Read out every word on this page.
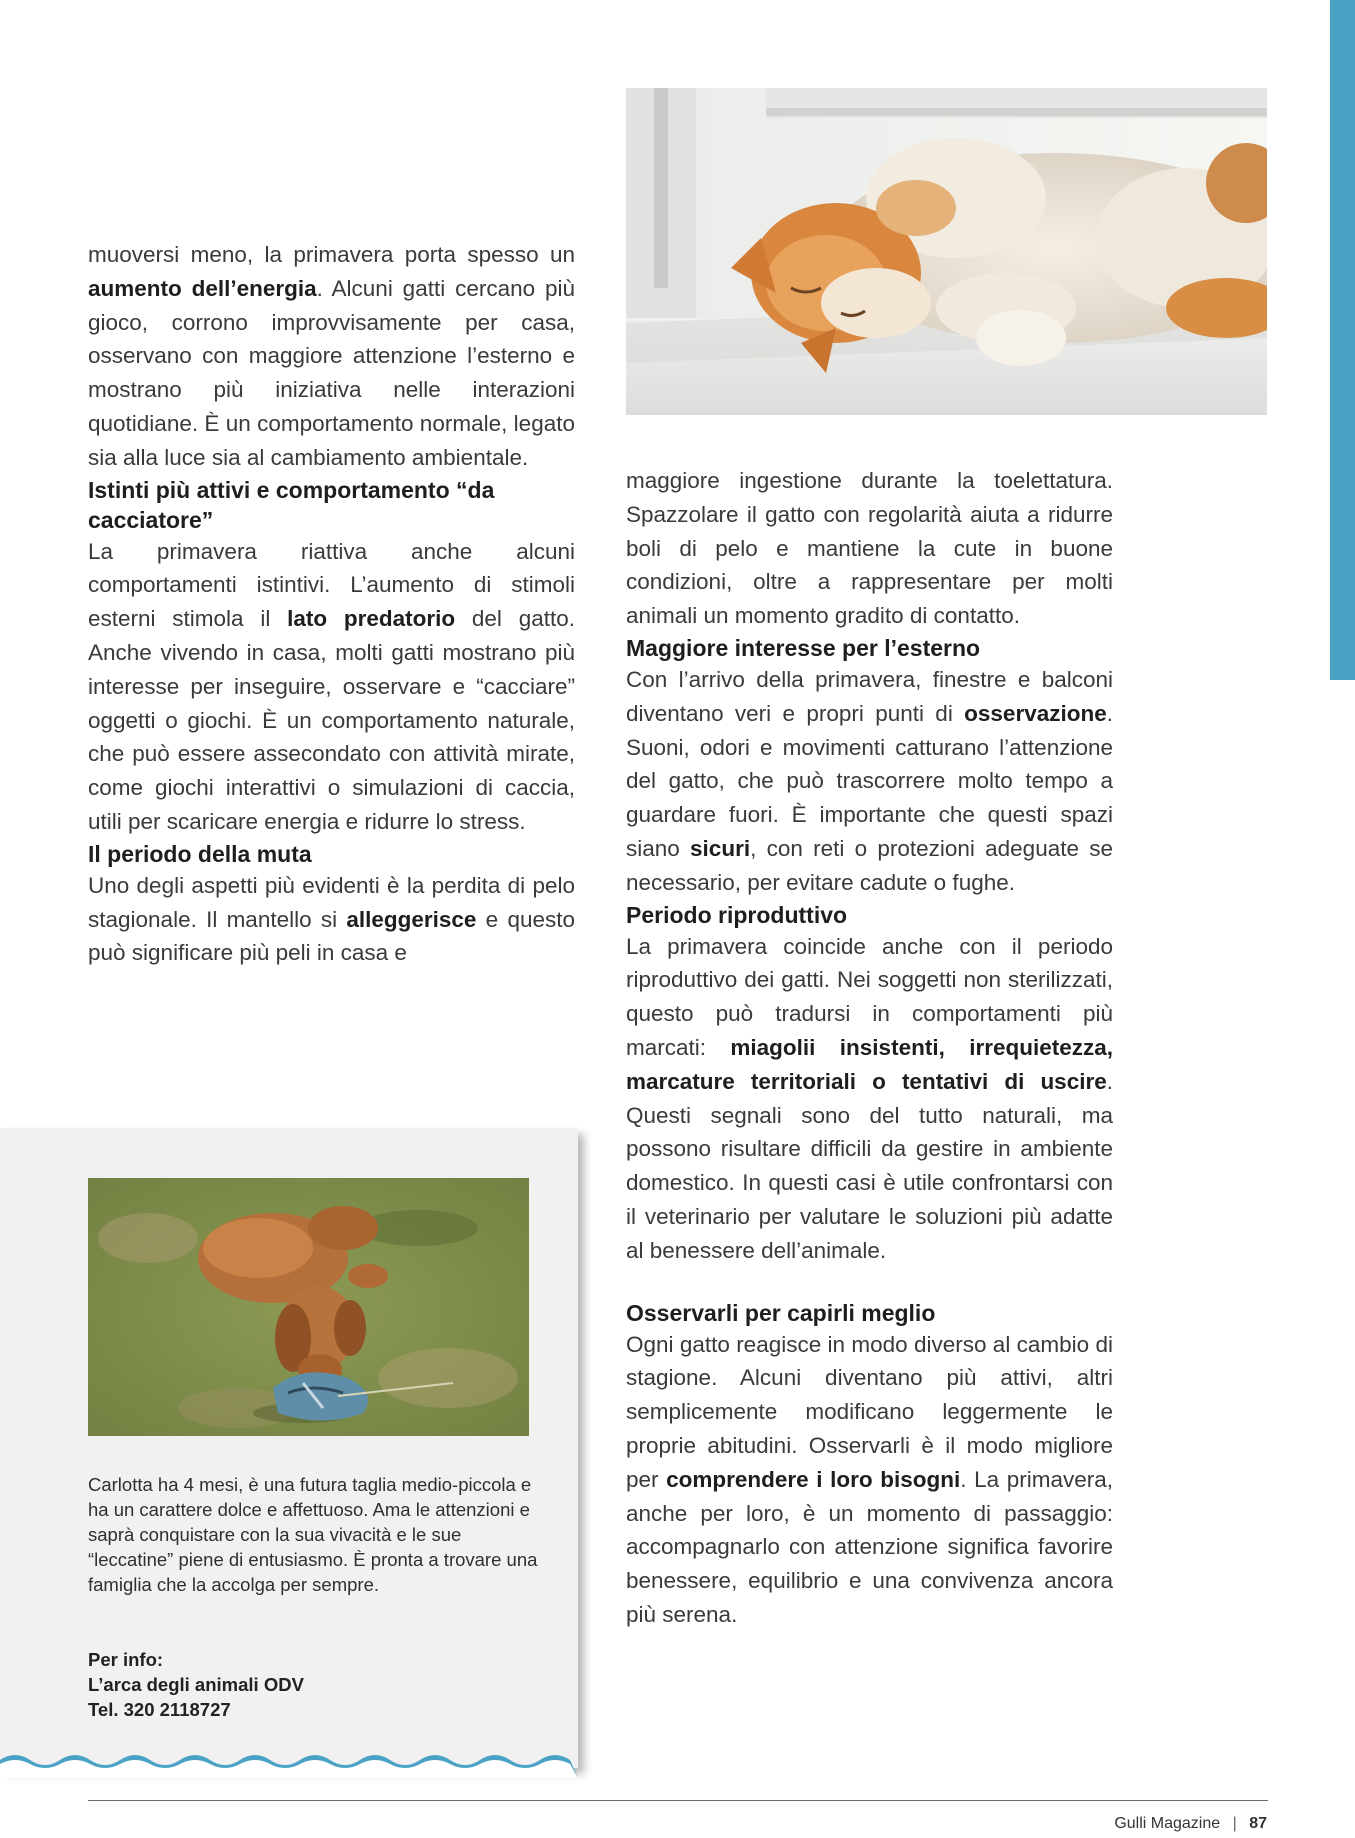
muoversi meno, la primavera porta spesso un aumento dell’energia. Alcuni gatti cercano più gioco, corrono improvvisamente per casa, osservano con maggiore attenzione l’esterno e mostrano più iniziativa nelle interazioni quotidiane. È un comportamento normale, legato sia alla luce sia al cambiamento ambientale.

Istinti più attivi e comportamento “da cacciatore”

La primavera riattiva anche alcuni comportamenti istintivi. L’aumento di stimoli esterni stimola il lato predatorio del gatto. Anche vivendo in casa, molti gatti mostrano più interesse per inseguire, osservare e “cacciare” oggetti o giochi. È un comportamento naturale, che può essere assecondato con attività mirate, come giochi interattivi o simulazioni di caccia, utili per scaricare energia e ridurre lo stress.

Il periodo della muta

Uno degli aspetti più evidenti è la perdita di pelo stagionale. Il mantello si alleggerisce e questo può significare più peli in casa e

maggiore ingestione durante la toelettatura. Spazzolare il gatto con regolarità aiuta a ridurre boli di pelo e mantiene la cute in buone condizioni, oltre a rappresentare per molti animali un momento gradito di contatto.

Maggiore interesse per l’esterno

Con l’arrivo della primavera, finestre e balconi diventano veri e propri punti di osservazione. Suoni, odori e movimenti catturano l’attenzione del gatto, che può trascorrere molto tempo a guardare fuori. È importante che questi spazi siano sicuri, con reti o protezioni adeguate se necessario, per evitare cadute o fughe.

Periodo riproduttivo

La primavera coincide anche con il periodo riproduttivo dei gatti. Nei soggetti non sterilizzati, questo può tradursi in comportamenti più marcati: miagolii insistenti, irrequietezza, marcature territoriali o tentativi di uscire. Questi segnali sono del tutto naturali, ma possono risultare difficili da gestire in ambiente domestico. In questi casi è utile confrontarsi con il veterinario per valutare le soluzioni più adatte al benessere dell’animale.

Osservarli per capirli meglio

Ogni gatto reagisce in modo diverso al cambio di stagione. Alcuni diventano più attivi, altri semplicemente modificano leggermente le proprie abitudini. Osservarli è il modo migliore per comprendere i loro bisogni. La primavera, anche per loro, è un momento di passaggio: accompagnarlo con attenzione significa favorire benessere, equilibrio e una convivenza ancora più serena.

Carlotta ha 4 mesi, è una futura taglia medio-piccola e ha un carattere dolce e affettuoso. Ama le attenzioni e saprà conquistare con la sua vivacità e le sue “leccatine” piene di entusiasmo. È pronta a trovare una famiglia che la accolga per sempre.
Per info:
L’arca degli animali ODV
Tel. 320 2118727
Gulli Magazine | 87
